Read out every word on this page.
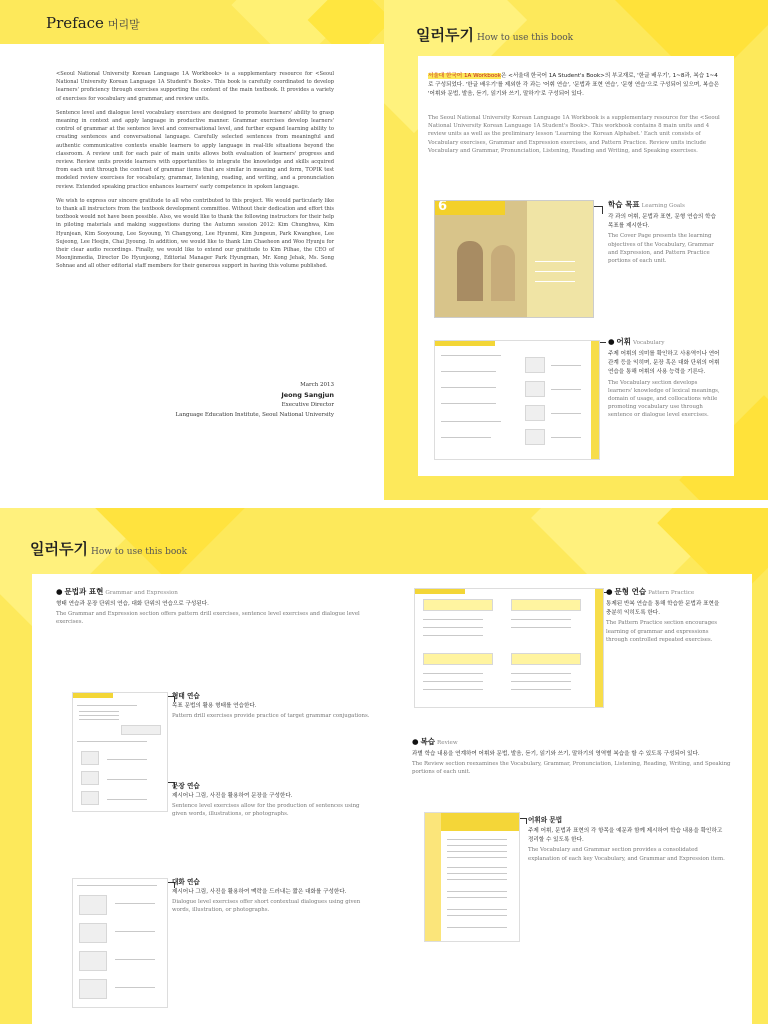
Preface 머리말

<Seoul National University Korean Language 1A Workbook> is a supplementary resource for <Seoul National University Korean Language 1A Student's Book>. This book is carefully coordinated to develop learners' proficiency through exercises supporting the content of the main textbook. It provides a variety of exercises for vocabulary and grammar, and review units.

Sentence level and dialogue level vocabulary exercises are designed to promote learners' ability to grasp meaning in context and apply language in productive manner. Grammar exercises develop learners' control of grammar at the sentence level and conversational level, and further expand learning ability to creating sentences and conversational language. Carefully selected sentences from meaningful and authentic communicative contexts enable learners to apply language in real-life situations beyond the classroom. A review unit for each pair of main units allows both evaluation of learners' progress and review. Review units provide learners with opportunities to integrate the knowledge and skills acquired from each unit through the contrast of grammar items that are similar in meaning and form, TOPIK test modeled review exercises for vocabulary, grammar, listening, reading, and writing, and a pronunciation review. Extended speaking practice enhances learners' early competence in spoken language.

We wish to express our sincere gratitude to all who contributed to this project. We would particularly like to thank all instructors from the textbook development committee. Without their dedication and effort this textbook would not have been possible. Also, we would like to thank the following instructors for their help in piloting materials and making suggestions during the Autumn session 2012: Kim Chunghwa, Kim Hyunjean, Kim Sooyoung, Lee Soyoung, Yi Changyong, Lee Hyunmi, Kim Jungeun, Park Kwanghee, Lee Sujeong, Lee Heejin, Chai Jiyoung. In addition, we would like to thank Lim Chaeheon and Woo Hyunju for their clear audio recordings. Finally, we would like to extend our gratitude to Kim Pilhae, the CEO of Moonjinmedia, Director Do Hyunjeong, Editorial Manager Park Hyungman, Mr. Kong Jehak, Ms. Song Sohnae and all other editorial staff members for their generous support in having this volume published.

March 2013
Jeong Sangjun
Executive Director
Language Education Institute, Seoul National University
일러두기 How to use this book
서울대 한국어 1A Workbook은 <서울대 한국어 1A Student's Book>의 부교재로, '한글 배우기', 1~8과, 복습 1~4로 구성되었다. '한글 배우기'를 제외한 각 과는 '어휘 연습', '문법과 표현 연습', '문형 연습'으로 구성되어 있으며, 복습은 '어휘와 문법, 발음, 듣기, 읽기와 쓰기, 말하기'로 구성되어 있다.
The Seoul National University Korean Language 1A Workbook is a supplementary resource for the <Seoul National University Korean Language 1A Student's Book>. This workbook contains 8 main units and 4 review units as well as the preliminary lesson 'Learning the Korean Alphabet.' Each unit consists of Vocabulary exercises, Grammar and Expression exercises, and Pattern Practice. Review units include Vocabulary and Grammar, Pronunciation, Listening, Reading and Writing, and Speaking exercises.
6	학습 목표 Learning Goals
각 과의 어휘, 문법과 표현, 문형 연습의 학습 목표를 제시한다.
The Cover Page presents the learning objectives of the Vocabulary, Grammar and Expression, and Pattern Practice portions of each unit.
● 어휘 Vocabulary
주제 어휘의 의미를 확인하고 사용역이나 연어 관계 등을 익히며, 문장 혹은 대화 단위의 어휘 연습을 통해 어휘의 사용 능력을 기른다.
The Vocabulary section develops learners' knowledge of lexical meanings, domain of usage, and collocations while promoting vocabulary use through sentence or dialogue level exercises.
일러두기 How to use this book
● 문법과 표현 Grammar and Expression
형태 연습과 문장 단위의 연습, 대화 단위의 연습으로 구성된다.
The Grammar and Expression section offers pattern drill exercises, sentence level exercises and dialogue level exercises.
형태 연습
목표 문법의 활용 형태를 연습한다.
Pattern drill exercises provide practice of target grammar conjugations.
문장 연습
제시어나 그림, 사진을 활용하여 문장을 구성한다.
Sentence level exercises allow for the production of sentences using given words, illustrations, or photographs.
대화 연습
제시어나 그림, 사진을 활용하여 맥락을 드러내는 짧은 대화를 구성한다.
Dialogue level exercises offer short contextual dialogues using given words, illustration, or photographs.
● 문형 연습 Pattern Practice
통제된 반복 연습을 통해 학습한 문법과 표현을 충분히 익히도록 한다.
The Pattern Practice section encourages learning of grammar and expressions through controlled repeated exercises.
● 복습 Review
과별 학습 내용을 연계하여 어휘와 문법, 발음, 듣기, 읽기와 쓰기, 말하기의 영역별 복습을 할 수 있도록 구성되어 있다.
The Review section reexamines the Vocabulary, Grammar, Pronunciation, Listening, Reading, Writing, and Speaking portions of each unit.
어휘와 문법
주제 어휘, 문법과 표현의 각 항목을 예문과 함께 제시하여 학습 내용을 확인하고 정리할 수 있도록 한다.
The Vocabulary and Grammar section provides a consolidated explanation of each key Vocabulary, and Grammar and Expression item.
